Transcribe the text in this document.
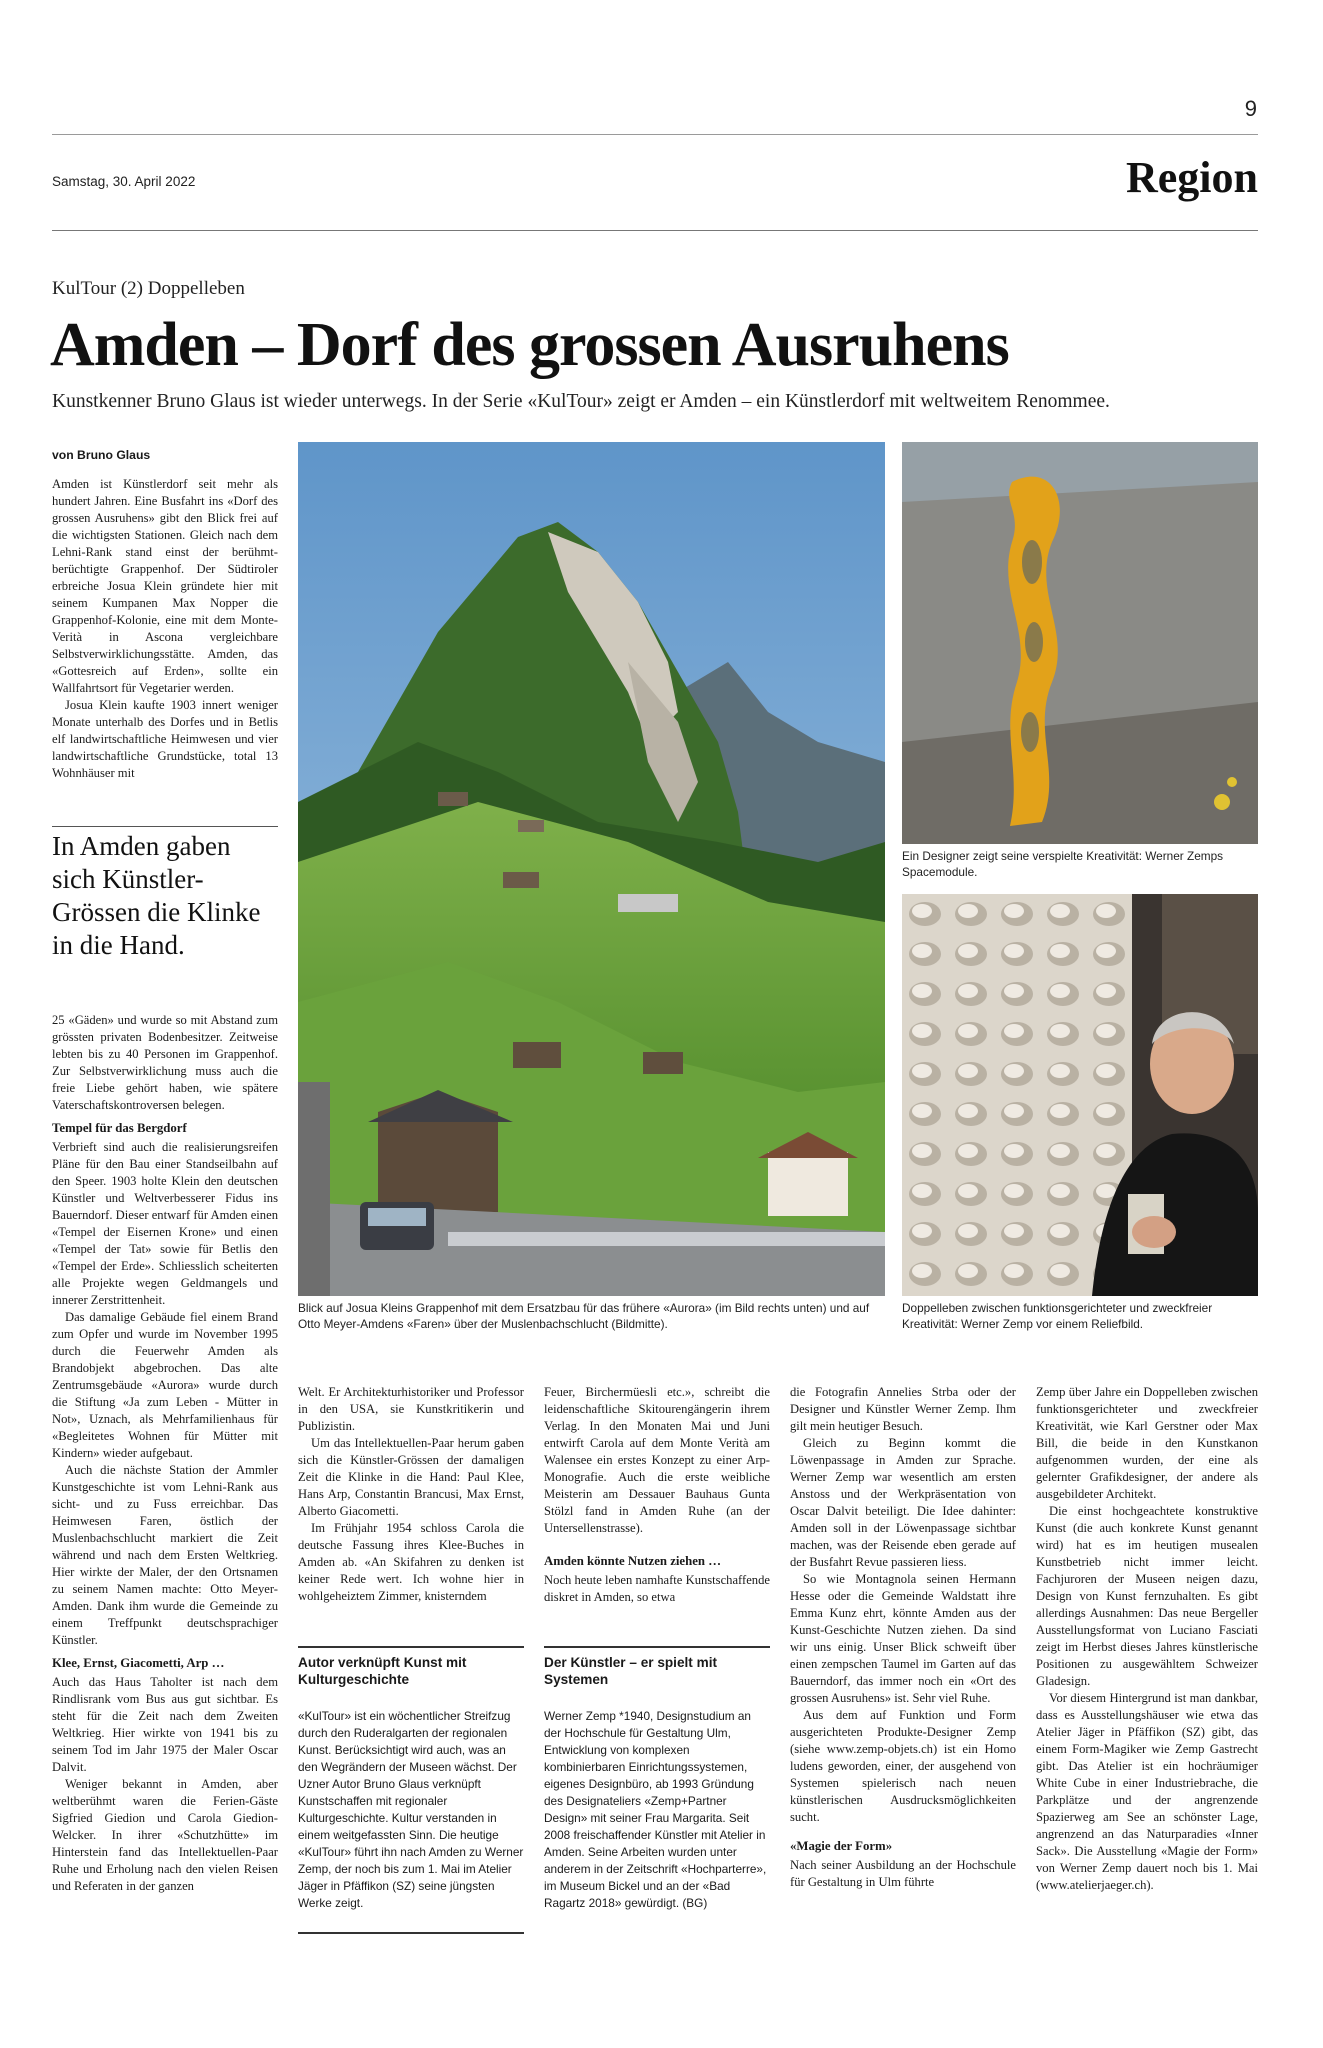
9
Samstag, 30. April 2022	Region
KulTour (2) Doppelleben
Amden – Dorf des grossen Ausruhens
Kunstkenner Bruno Glaus ist wieder unterwegs. In der Serie «KulTour» zeigt er Amden – ein Künstlerdorf mit weltweitem Renommee.
von Bruno Glaus

Amden ist Künstlerdorf seit mehr als hundert Jahren. Eine Busfahrt ins «Dorf des grossen Ausruhens» gibt den Blick frei auf die wichtigsten Stationen. Gleich nach dem Lehni-Rank stand einst der berühmt-berüchtigte Grappenhof. Der Südtiroler erbreiche Josua Klein gründete hier mit seinem Kumpanen Max Nopper die Grappenhof-Kolonie, eine mit dem Monte-Verità in Ascona vergleichbare Selbstverwirklichungsstätte. Amden, das «Gottesreich auf Erden», sollte ein Wallfahrtsort für Vegetarier werden.

Josua Klein kaufte 1903 innert weniger Monate unterhalb des Dorfes und in Betlis elf landwirtschaftliche Heimwesen und vier landwirtschaftliche Grundstücke, total 13 Wohnhäuser mit

In Amden gaben sich Künstler-Grössen die Klinke in die Hand.

25 «Gäden» und wurde so mit Abstand zum grössten privaten Bodenbesitzer. Zeitweise lebten bis zu 40 Personen im Grappenhof. Zur Selbstverwirklichung muss auch die freie Liebe gehört haben, wie spätere Vaterschaftskontroversen belegen.

Tempel für das Bergdorf

Verbrieft sind auch die realisierungsreifen Pläne für den Bau einer Standseilbahn auf den Speer. 1903 holte Klein den deutschen Künstler und Weltverbesserer Fidus ins Bauerndorf. Dieser entwarf für Amden einen «Tempel der Eisernen Krone» und einen «Tempel der Tat» sowie für Betlis den «Tempel der Erde». Schliesslich scheiterten alle Projekte wegen Geldmangels und innerer Zerstrittenheit.

Das damalige Gebäude fiel einem Brand zum Opfer und wurde im November 1995 durch die Feuerwehr Amden als Brandobjekt abgebrochen. Das alte Zentrumsgebäude «Aurora» wurde durch die Stiftung «Ja zum Leben - Mütter in Not», Uznach, als Mehrfamilienhaus für «Begleitetes Wohnen für Mütter mit Kindern» wieder aufgebaut.

Auch die nächste Station der Ammler Kunstgeschichte ist vom Lehni-Rank aus sicht- und zu Fuss erreichbar. Das Heimwesen Faren, östlich der Muslenbachschlucht markiert die Zeit während und nach dem Ersten Weltkrieg. Hier wirkte der Maler, der den Ortsnamen zu seinem Namen machte: Otto Meyer-Amden. Dank ihm wurde die Gemeinde zu einem Treffpunkt deutschsprachiger Künstler.

Klee, Ernst, Giacometti, Arp …

Auch das Haus Taholter ist nach dem Rindlisrank vom Bus aus gut sichtbar. Es steht für die Zeit nach dem Zweiten Weltkrieg. Hier wirkte von 1941 bis zu seinem Tod im Jahr 1975 der Maler Oscar Dalvit.

Weniger bekannt in Amden, aber weltberühmt waren die Ferien-Gäste Sigfried Giedion und Carola Giedion-Welcker. In ihrer «Schutzhütte» im Hinterstein fand das Intellektuellen-Paar Ruhe und Erholung nach den vielen Reisen und Referaten in der ganzen

Blick auf Josua Kleins Grappenhof mit dem Ersatzbau für das frühere «Aurora» (im Bild rechts unten) und auf Otto Meyer-Amdens «Faren» über der Muslenbachschlucht (Bildmitte).
Ein Designer zeigt seine verspielte Kreativität: Werner Zemps Spacemodule.
Doppelleben zwischen funktionsgerichteter und zweckfreier Kreativität: Werner Zemp vor einem Reliefbild.

Welt. Er Architekturhistoriker und Professor in den USA, sie Kunstkritikerin und Publizistin.

Um das Intellektuellen-Paar herum gaben sich die Künstler-Grössen der damaligen Zeit die Klinke in die Hand: Paul Klee, Hans Arp, Constantin Brancusi, Max Ernst, Alberto Giacometti.

Im Frühjahr 1954 schloss Carola die deutsche Fassung ihres Klee-Buches in Amden ab. «An Skifahren zu denken ist keiner Rede wert. Ich wohne hier in wohlgeheiztem Zimmer, knisterndem

Autor verknüpft Kunst mit Kulturgeschichte
«KulTour» ist ein wöchentlicher Streifzug durch den Ruderalgarten der regionalen Kunst. Berücksichtigt wird auch, was an den Wegrändern der Museen wächst. Der Uzner Autor Bruno Glaus verknüpft Kunstschaffen mit regionaler Kulturgeschichte. Kultur verstanden in einem weitgefassten Sinn. Die heutige «KulTour» führt ihn nach Amden zu Werner Zemp, der noch bis zum 1. Mai im Atelier Jäger in Pfäffikon (SZ) seine jüngsten Werke zeigt.

Feuer, Birchermüesli etc.», schreibt die leidenschaftliche Skitourengängerin ihrem Verlag. In den Monaten Mai und Juni entwirft Carola auf dem Monte Verità am Walensee ein erstes Konzept zu einer Arp-Monografie. Auch die erste weibliche Meisterin am Dessauer Bauhaus Gunta Stölzl fand in Amden Ruhe (an der Untersellenstrasse).

Amden könnte Nutzen ziehen …

Noch heute leben namhafte Kunstschaffende diskret in Amden, so etwa

Der Künstler – er spielt mit Systemen
Werner Zemp *1940, Designstudium an der Hochschule für Gestaltung Ulm, Entwicklung von komplexen kombinierbaren Einrichtungssystemen, eigenes Designbüro, ab 1993 Gründung des Designateliers «Zemp+Partner Design» mit seiner Frau Margarita. Seit 2008 freischaffender Künstler mit Atelier in Amden. Seine Arbeiten wurden unter anderem in der Zeitschrift «Hochparterre», im Museum Bickel und an der «Bad Ragartz 2018» gewürdigt. (BG)

die Fotografin Annelies Strba oder der Designer und Künstler Werner Zemp. Ihm gilt mein heutiger Besuch.

Gleich zu Beginn kommt die Löwenpassage in Amden zur Sprache. Werner Zemp war wesentlich am ersten Anstoss und der Werkpräsentation von Oscar Dalvit beteiligt. Die Idee dahinter: Amden soll in der Löwenpassage sichtbar machen, was der Reisende eben gerade auf der Busfahrt Revue passieren liess.

So wie Montagnola seinen Hermann Hesse oder die Gemeinde Waldstatt ihre Emma Kunz ehrt, könnte Amden aus der Kunst-Geschichte Nutzen ziehen. Da sind wir uns einig. Unser Blick schweift über einen zempschen Taumel im Garten auf das Bauerndorf, das immer noch ein «Ort des grossen Ausruhens» ist. Sehr viel Ruhe.

Aus dem auf Funktion und Form ausgerichteten Produkte-Designer Zemp (siehe www.zemp-objets.ch) ist ein Homo ludens geworden, einer, der ausgehend von Systemen spielerisch nach neuen künstlerischen Ausdrucksmöglichkeiten sucht.

«Magie der Form»

Nach seiner Ausbildung an der Hochschule für Gestaltung in Ulm führte

Zemp über Jahre ein Doppelleben zwischen funktionsgerichteter und zweckfreier Kreativität, wie Karl Gerstner oder Max Bill, die beide in den Kunstkanon aufgenommen wurden, der eine als gelernter Grafikdesigner, der andere als ausgebildeter Architekt.

Die einst hochgeachtete konstruktive Kunst (die auch konkrete Kunst genannt wird) hat es im heutigen musealen Kunstbetrieb nicht immer leicht. Fachjuroren der Museen neigen dazu, Design von Kunst fernzuhalten. Es gibt allerdings Ausnahmen: Das neue Bergeller Ausstellungsformat von Luciano Fasciati zeigt im Herbst dieses Jahres künstlerische Positionen zu ausgewähltem Schweizer Gladesign.

Vor diesem Hintergrund ist man dankbar, dass es Ausstellungshäuser wie etwa das Atelier Jäger in Pfäffikon (SZ) gibt, das einem Form-Magiker wie Zemp Gastrecht gibt. Das Atelier ist ein hochräumiger White Cube in einer Industriebrache, die Parkplätze und der angrenzende Spazierweg am See an schönster Lage, angrenzend an das Naturparadies «Inner Sack». Die Ausstellung «Magie der Form» von Werner Zemp dauert noch bis 1. Mai (www.atelierjaeger.ch).
